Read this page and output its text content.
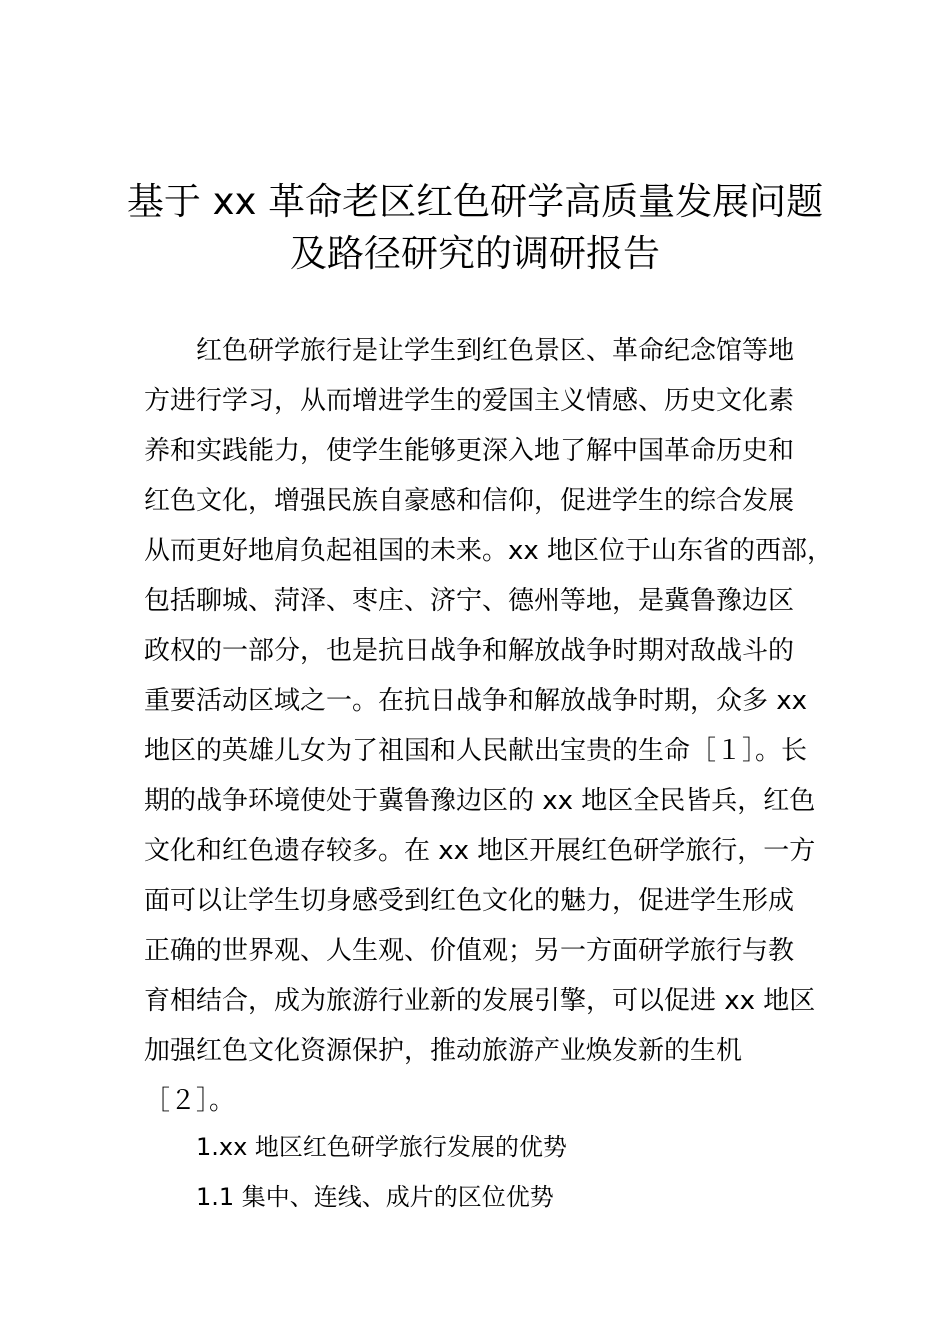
基于 xx 革命老区红色研学高质量发展问题
及路径研究的调研报告
　　红色研学旅行是让学生到红色景区、革命纪念馆等地
方进行学习，从而增进学生的爱国主义情感、历史文化素
养和实践能力，使学生能够更深入地了解中国革命历史和
红色文化，增强民族自豪感和信仰，促进学生的综合发展
从而更好地肩负起祖国的未来。xx 地区位于山东省的西部，
包括聊城、菏泽、枣庄、济宁、德州等地，是冀鲁豫边区
政权的一部分，也是抗日战争和解放战争时期对敌战斗的
重要活动区域之一。在抗日战争和解放战争时期，众多 xx
地区的英雄儿女为了祖国和人民献出宝贵的生命［１］。长
期的战争环境使处于冀鲁豫边区的 xx 地区全民皆兵，红色
文化和红色遗存较多。在 xx 地区开展红色研学旅行，一方
面可以让学生切身感受到红色文化的魅力，促进学生形成
正确的世界观、人生观、价值观；另一方面研学旅行与教
育相结合，成为旅游行业新的发展引擎，可以促进 xx 地区
加强红色文化资源保护，推动旅游产业焕发新的生机
［２］。
1.xx 地区红色研学旅行发展的优势
1.1 集中、连线、成片的区位优势
